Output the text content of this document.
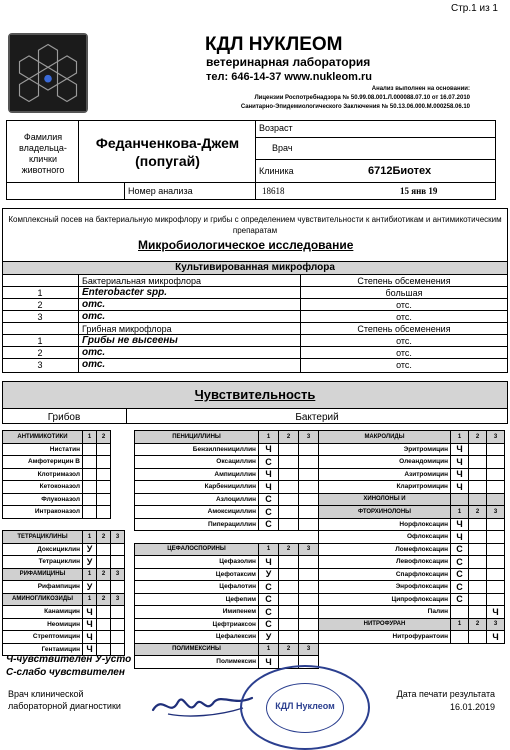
Стр.1 из 1
КДЛ НУКЛЕОМ
ветеринарная лаборатория
тел: 646-14-37 www.nukleom.ru
Анализ выполнен на основании:
Лицензии Роспотребнадзора № 50.99.08.001.Л.000088.07.10 от 16.07.2010
Санитарно-Эпидемиологического Заключения № 50.13.06.000.М.000258.06.10
Фамилия владельца-клички животного
Феданченкова-Джем (попугай)
Возраст
Врач
Клиника	6712Биотех
Номер анализа	18618	15 янв 19
Комплексный посев на бактериальную микрофлору и грибы с определением чувствительности к антибиотикам и антимикотическим препаратам
Микробиологическое исследование
Культивированная микрофлора
Бактериальная микрофлора	Степень обсеменения
1	Enterobacter spp.	большая
2	отс.	отс.
3	отс.	отс.
Грибная микрофлора	Степень обсеменения
1	Грибы не высеены	отс.
2	отс.	отс.
3	отс.	отс.
Чувствительность
Грибов	Бактерий
АНТИМИКОТИКИ	1	2	
Нистатин			
Амфотерицин В			
Клотримазол			
Кетоконазол			
Флуконазол			
Интраконазол			

ТЕТРАЦИКЛИНЫ	1	2	3
Доксициклин	У		
Тетрациклин	У		
РИФАМИЦИНЫ	1	2	3
Рифампицин	У		
АМИНОГЛИКОЗИДЫ	1	2	3
Канамицин	Ч		
Неомицин	Ч		
Стрептомицин	Ч		
Гентамицин	Ч		
ПЕНИЦИЛЛИНЫ	1	2	3
Бензилпенициллин	Ч		
Оксациллин	С		
Ампициллин	Ч		
Карбенициллин	Ч		
Азлоциллин	С		
Амоксициллин	С		
Пиперациллин	С		

ЦЕФАЛОСПОРИНЫ	1	2	3
Цефазолин	Ч		
Цефотаксим	У		
Цефалотин	С		
Цефепим	С		
Имипенем	С		
Цефтриаксон	С		
Цефалексин	У		
ПОЛИМЕКСИНЫ	1	2	3
Полимексин	Ч		
МАКРОЛИДЫ	1	2	3
Эритромицин	Ч		
Олеандомицин	Ч		
Азитромицин	Ч		
Кларитромицин	Ч		
ХИНОЛОНЫ И			
ФТОРХИНОЛОНЫ	1	2	3
Норфлоксацин	Ч		
Офлоксацин	Ч		
Ломефлоксацин	С		
Левофлоксацин	С		
Спарфлоксацин	С		
Энрофлоксацин	С		
Ципрофлоксацин	С		
Палин			Ч
НИТРОФУРАН	1	2	3
Нитрофурантоин			Ч
Ч-чувствителен У-усто
С-слабо чувствителен
Врач клинической лабораторной диагностики	КДЛ Нуклеом
Дата печати результата
16.01.2019
